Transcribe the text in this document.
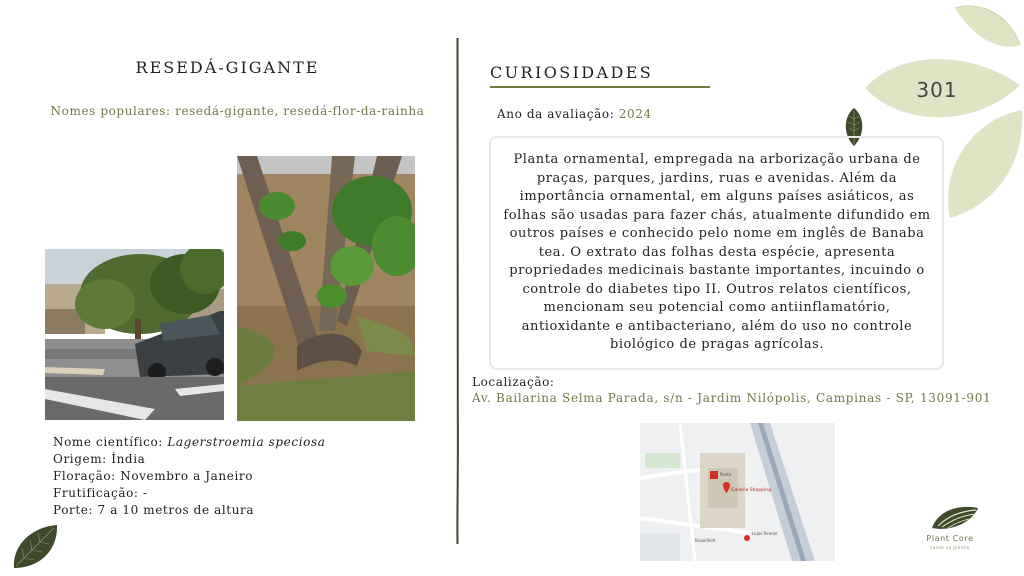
301
RESEDÁ-GIGANTE
Nomes populares: resedá-gigante, resedá-flor-da-rainha
Nome científico: Lagerstroemia speciosa
Origem: Índia
Floração: Novembro a Janeiro
Frutificação: -
Porte: 7 a 10 metros de altura
CURIOSIDADES
Ano da avaliação: 2024
Planta ornamental, empregada na arborização urbana de praças, parques, jardins, ruas e avenidas. Além da importância ornamental, em alguns países asiáticos, as folhas são usadas para fazer chás, atualmente difundido em outros países e conhecido pelo nome em inglês de Banaba tea. O extrato das folhas desta espécie, apresenta propriedades medicinais bastante importantes, incuindo o controle do diabetes tipo II. Outros relatos científicos, mencionam seu potencial como antiinflamatório, antioxidante e antibacteriano, além do uso no controle biológico de pragas agrícolas.
Localização:
Av. Bailarina Selma Parada, s/n - Jardim Nilópolis, Campinas - SP, 13091-901
Ponto
Galleria Shopping
Lojas Renner
Brookfield	Plant Core
saúde no plantio
